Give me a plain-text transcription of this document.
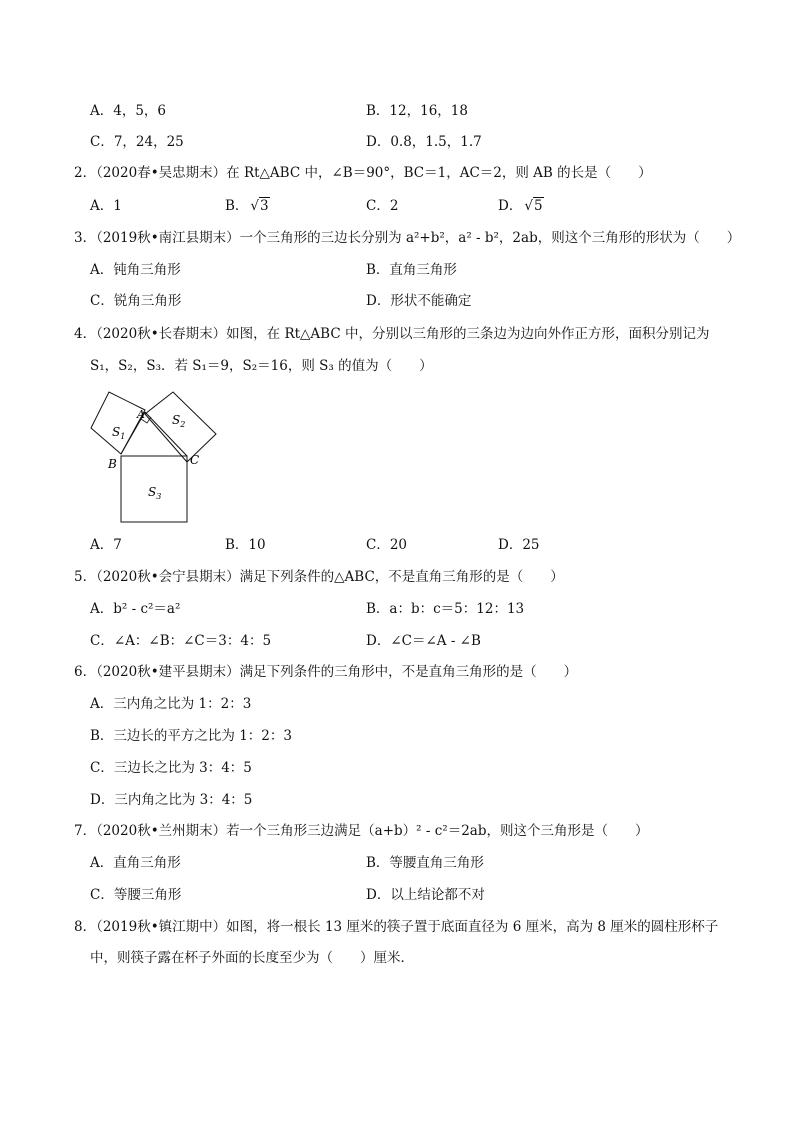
A．4，5，6	B．12，16，18
C．7，24，25	D．0.8，1.5，1.7
2．（2020春•吴忠期末）在 Rt△ABC 中，∠B＝90°，BC＝1，AC＝2，则 AB 的长是（　　）
A．1	B． √3	C．2	D． √5
3．（2019秋•南江县期末）一个三角形的三边长分别为 a²+b²，a² - b²，2ab，则这个三角形的形状为（　　）
A．钝角三角形	B．直角三角形
C．锐角三角形	D．形状不能确定
4．（2020秋•长春期末）如图，在 Rt△ABC 中，分别以三角形的三条边为边向外作正方形，面积分别记为
S₁，S₂，S₃．若 S₁＝9，S₂＝16，则 S₃ 的值为（　　）
A
B	C
$S_1$
$S_2$
$S_3$
A．7	B．10	C．20	D．25
5．（2020秋•会宁县期末）满足下列条件的△ABC，不是直角三角形的是（　　）
A．b² - c²＝a²	B．a：b：c＝5：12：13
C．∠A：∠B：∠C＝3：4：5	D．∠C＝∠A - ∠B
6．（2020秋•建平县期末）满足下列条件的三角形中，不是直角三角形的是（　　）
A．三内角之比为 1：2：3
B．三边长的平方之比为 1：2：3
C．三边长之比为 3：4：5
D．三内角之比为 3：4：5
7．（2020秋•兰州期末）若一个三角形三边满足（a+b）² - c²＝2ab，则这个三角形是（　　）
A．直角三角形	B．等腰直角三角形
C．等腰三角形	D．以上结论都不对
8．（2019秋•镇江期中）如图，将一根长 13 厘米的筷子置于底面直径为 6 厘米，高为 8 厘米的圆柱形杯子
中，则筷子露在杯子外面的长度至少为（　　）厘米．
